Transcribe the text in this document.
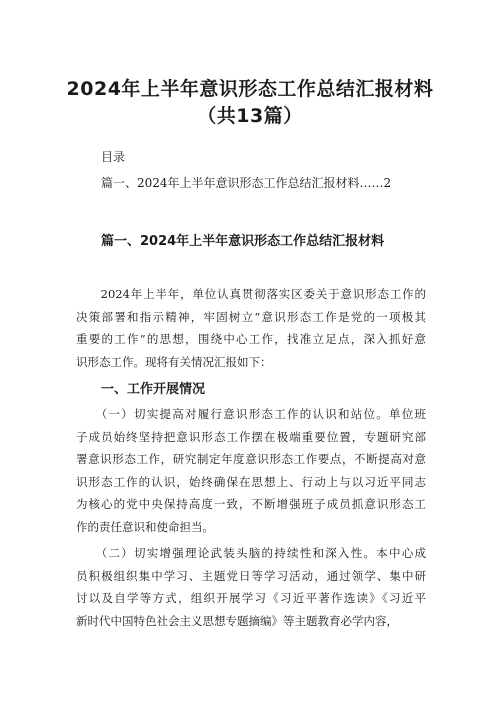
2024年上半年意识形态工作总结汇报材料
（共13篇）
目录
篇一、2024年上半年意识形态工作总结汇报材料……2
篇一、2024年上半年意识形态工作总结汇报材料
　　2024年上半年，单位认真贯彻落实区委关于意识形态工作的
决策部署和指示精神，牢固树立“意识形态工作是党的一项极其
重要的工作”的思想，围绕中心工作，找准立足点，深入抓好意
识形态工作。现将有关情况汇报如下：
一、工作开展情况
　　（一）切实提高对履行意识形态工作的认识和站位。单位班
子成员始终坚持把意识形态工作摆在极端重要位置，专题研究部
署意识形态工作，研究制定年度意识形态工作要点，不断提高对意
识形态工作的认识，始终确保在思想上、行动上与以习近平同志
为核心的党中央保持高度一致，不断增强班子成员抓意识形态工
作的责任意识和使命担当。
　　（二）切实增强理论武装头脑的持续性和深入性。本中心成
员积极组织集中学习、主题党日等学习活动，通过领学、集中研
讨以及自学等方式，组织开展学习《习近平著作选读》《习近平
新时代中国特色社会主义思想专题摘编》等主题教育必学内容，
